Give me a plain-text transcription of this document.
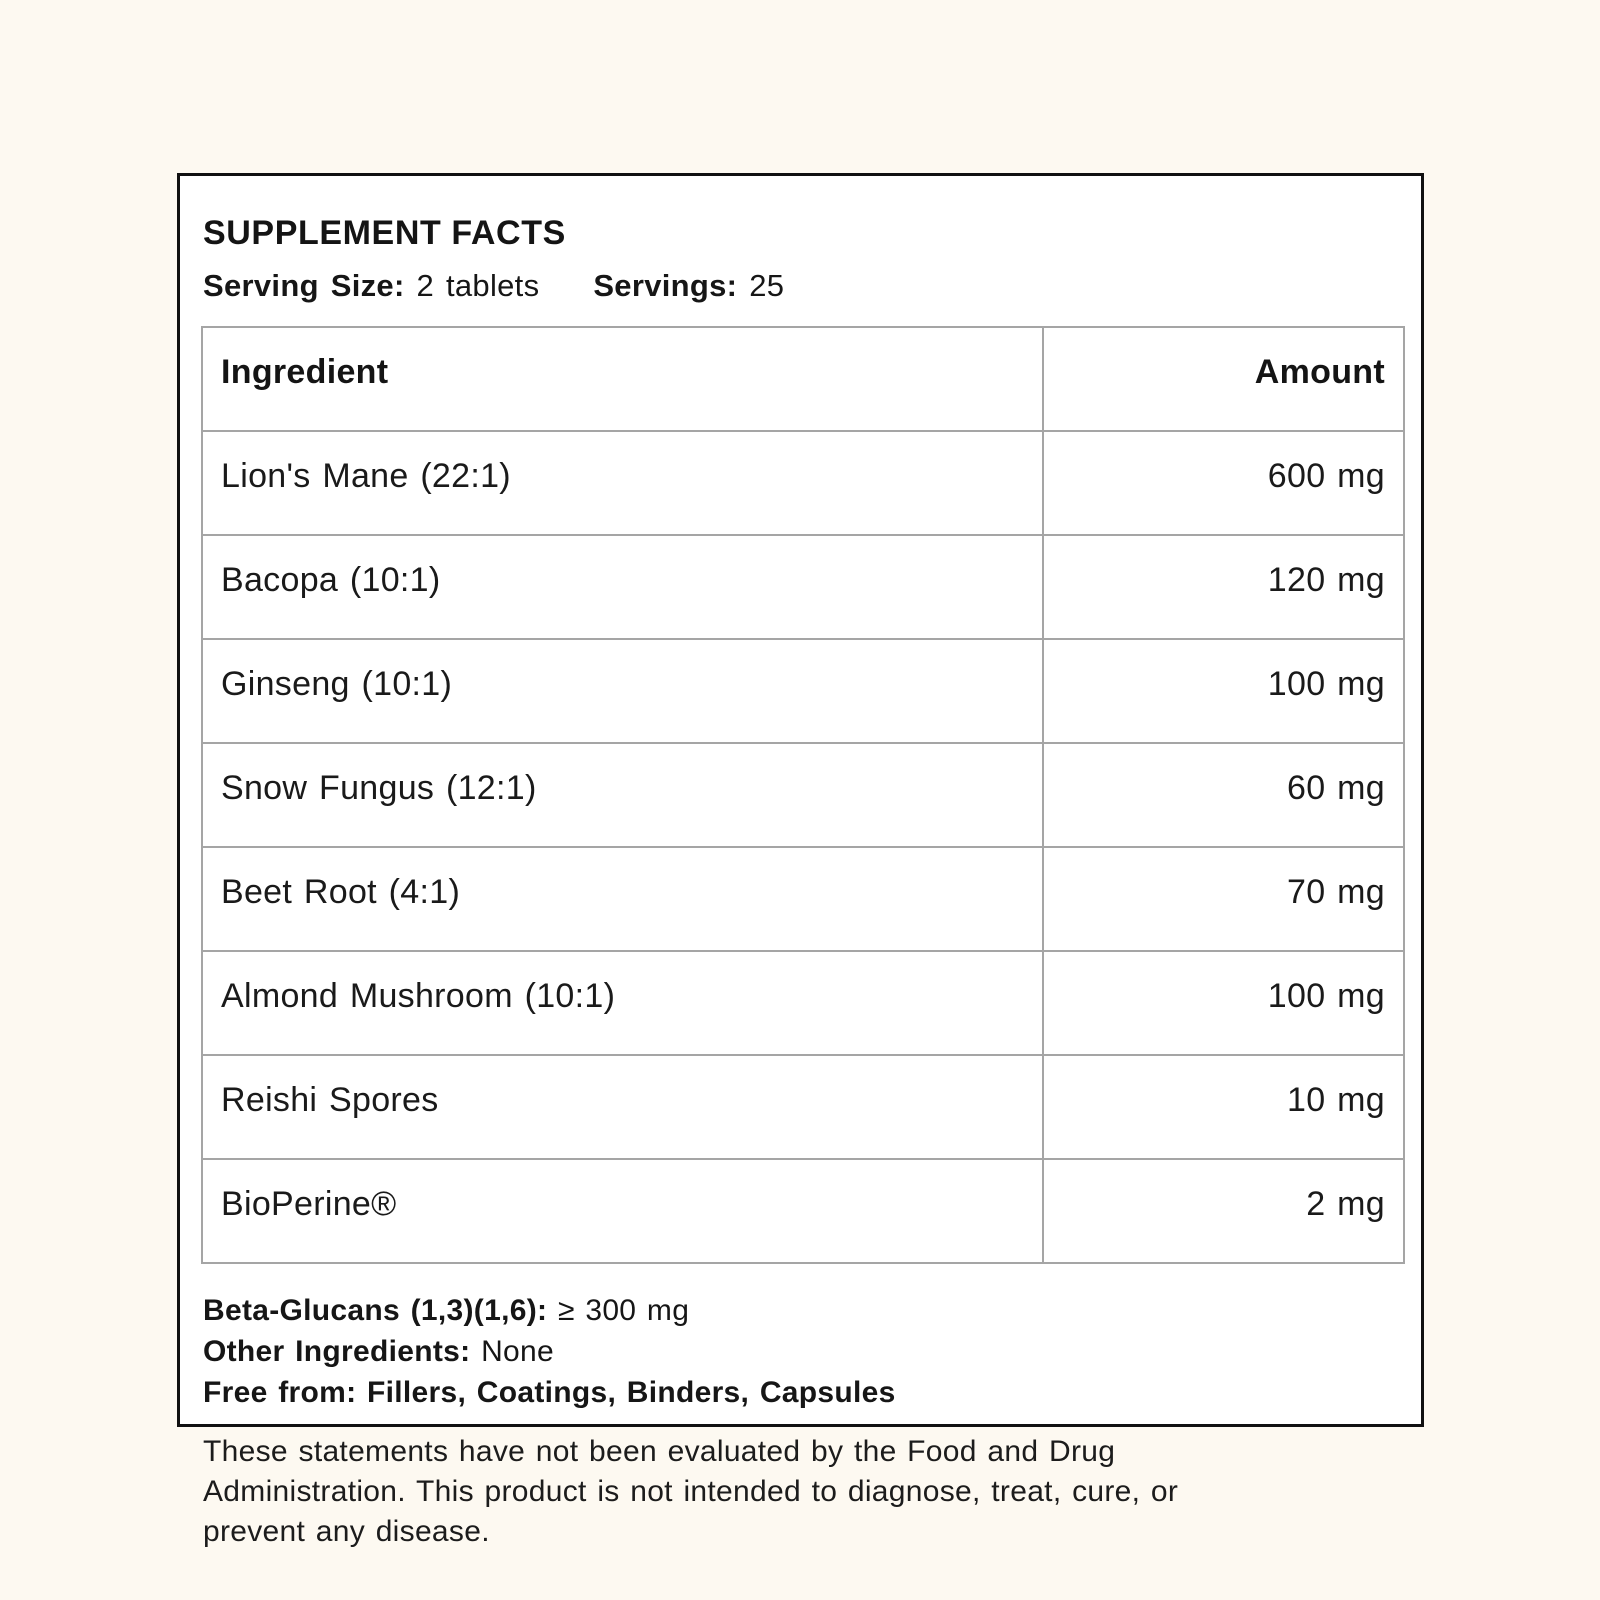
SUPPLEMENT FACTS
Serving Size: 2 tablets Servings: 25
Ingredient	Amount
Lion's Mane (22:1)	600 mg
Bacopa (10:1)	120 mg
Ginseng (10:1)	100 mg
Snow Fungus (12:1)	60 mg
Beet Root (4:1)	70 mg
Almond Mushroom (10:1)	100 mg
Reishi Spores	10 mg
BioPerine®	2 mg

Beta-Glucans (1,3)(1,6): ≥ 300 mg

Other Ingredients: None

Free from: Fillers, Coatings, Binders, Capsules

These statements have not been evaluated by the Food and Drug
Administration. This product is not intended to diagnose, treat, cure, or
prevent any disease.
